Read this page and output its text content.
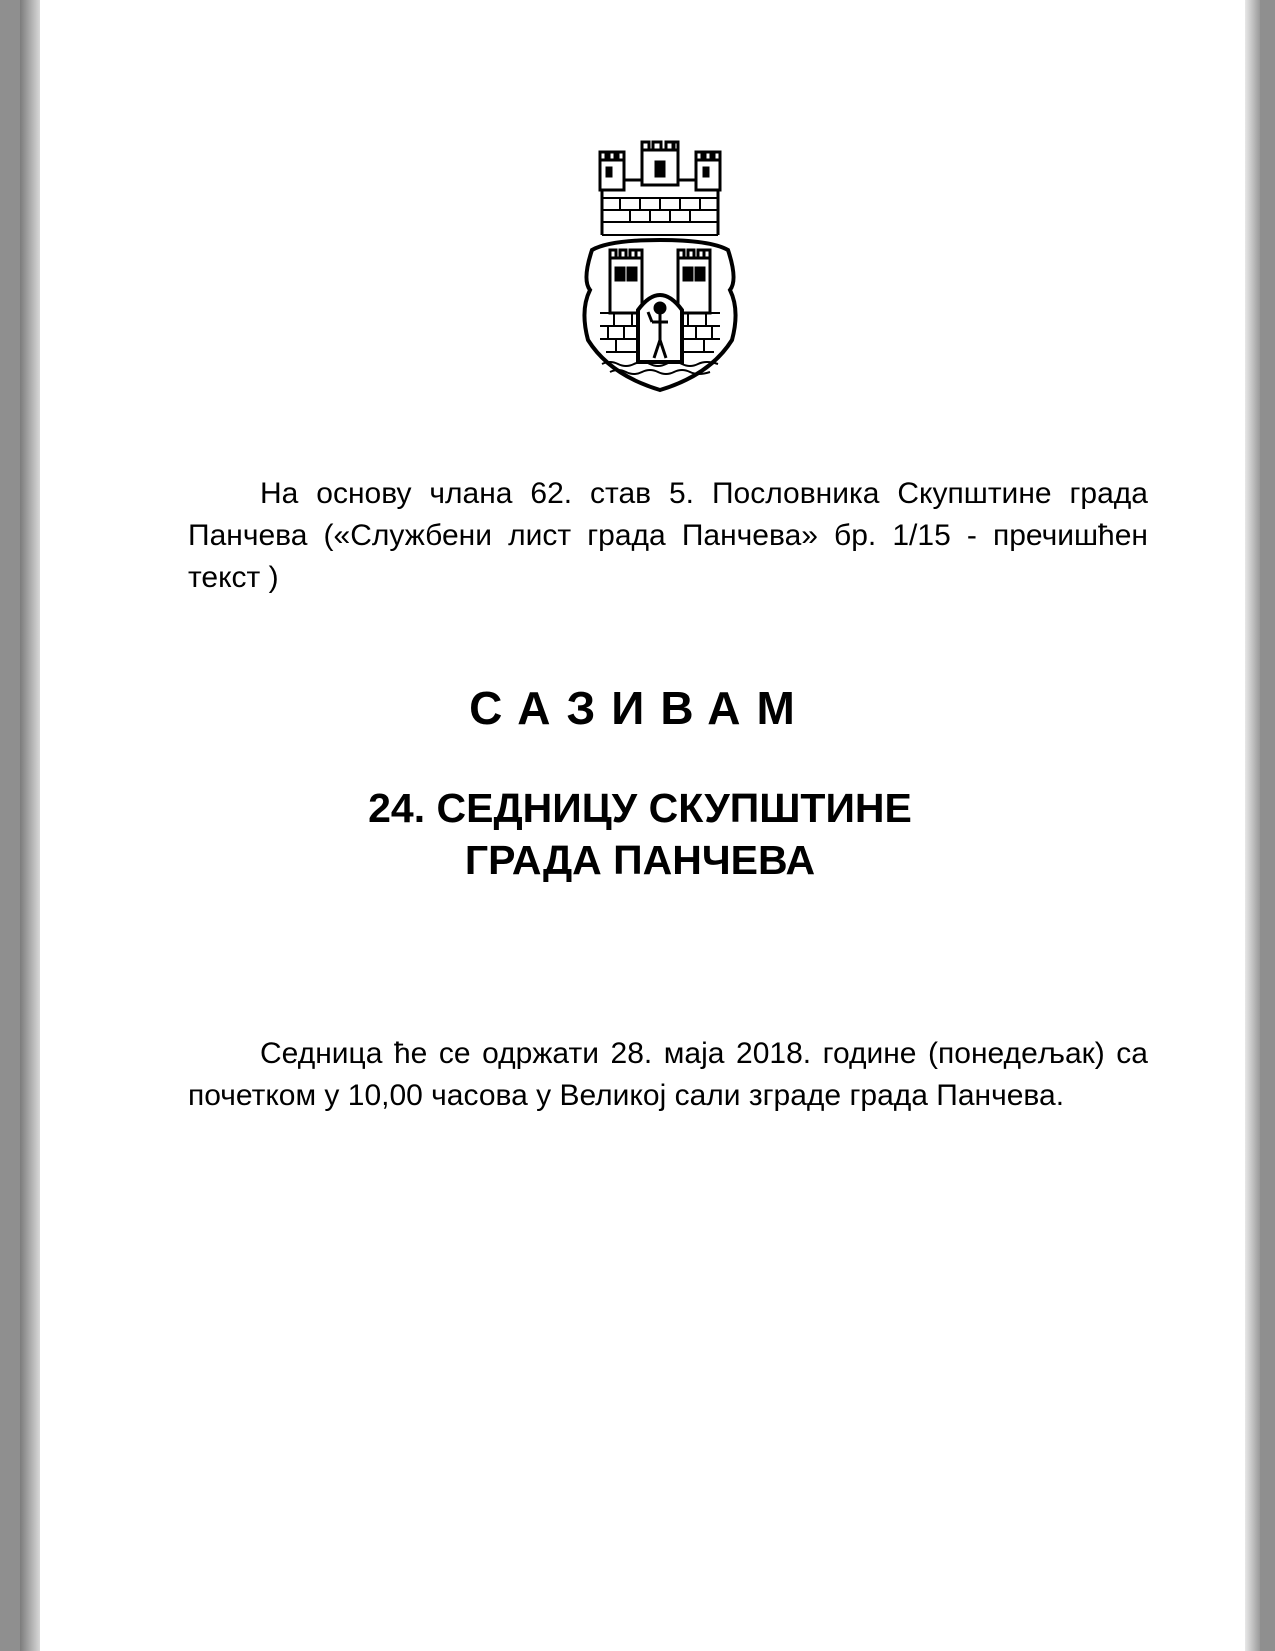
На основу члана 62. став 5. Пословника Скупштине града Панчева («Службени лист града Панчева» бр. 1/15 - пречишћен текст )

САЗИВАМ
24. СЕДНИЦУ СКУПШТИНЕ
ГРАДА ПАНЧЕВА

Седница ће се одржати 28. маја 2018. године (понедељак) са почетком у 10,00 часова у Великој сали зграде града Панчева.
